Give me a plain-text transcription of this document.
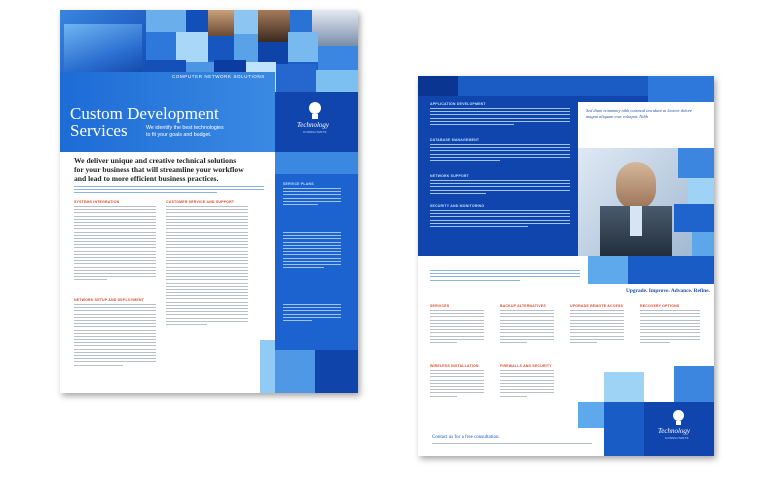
COMPUTER NETWORK SOLUTIONS
Custom Development
Services	We identify the best technologies
to fit your goals and budget.
Technology
CONSULTANTS
SERVICE PLANS
We deliver unique and creative technical solutions
for your business that will streamline your workflow
and lead to more efficient business practices.
SYSTEMS INTEGRATION
NETWORK SETUP AND DEPLOYMENT
CUSTOMER SERVICE AND SUPPORT
APPLICATION DEVELOPMENT
DATABASE MANAGEMENT
NETWORK SUPPORT
SECURITY AND MONITORING
Sed diam nonummy nibh euismod tincidunt ut laoreet dolore magna aliquam erat volutpat. Nibh
Upgrade. Improve. Advance. Refine.
SERVICES	BACKUP ALTERNATIVES	UPGRADE REMOTE ACCESS	RECOVERY OPTIONS
WIRELESS INSTALLATION	FIREWALLS AND SECURITY
Technology
CONSULTANTS
Contact us for a free consultation.
